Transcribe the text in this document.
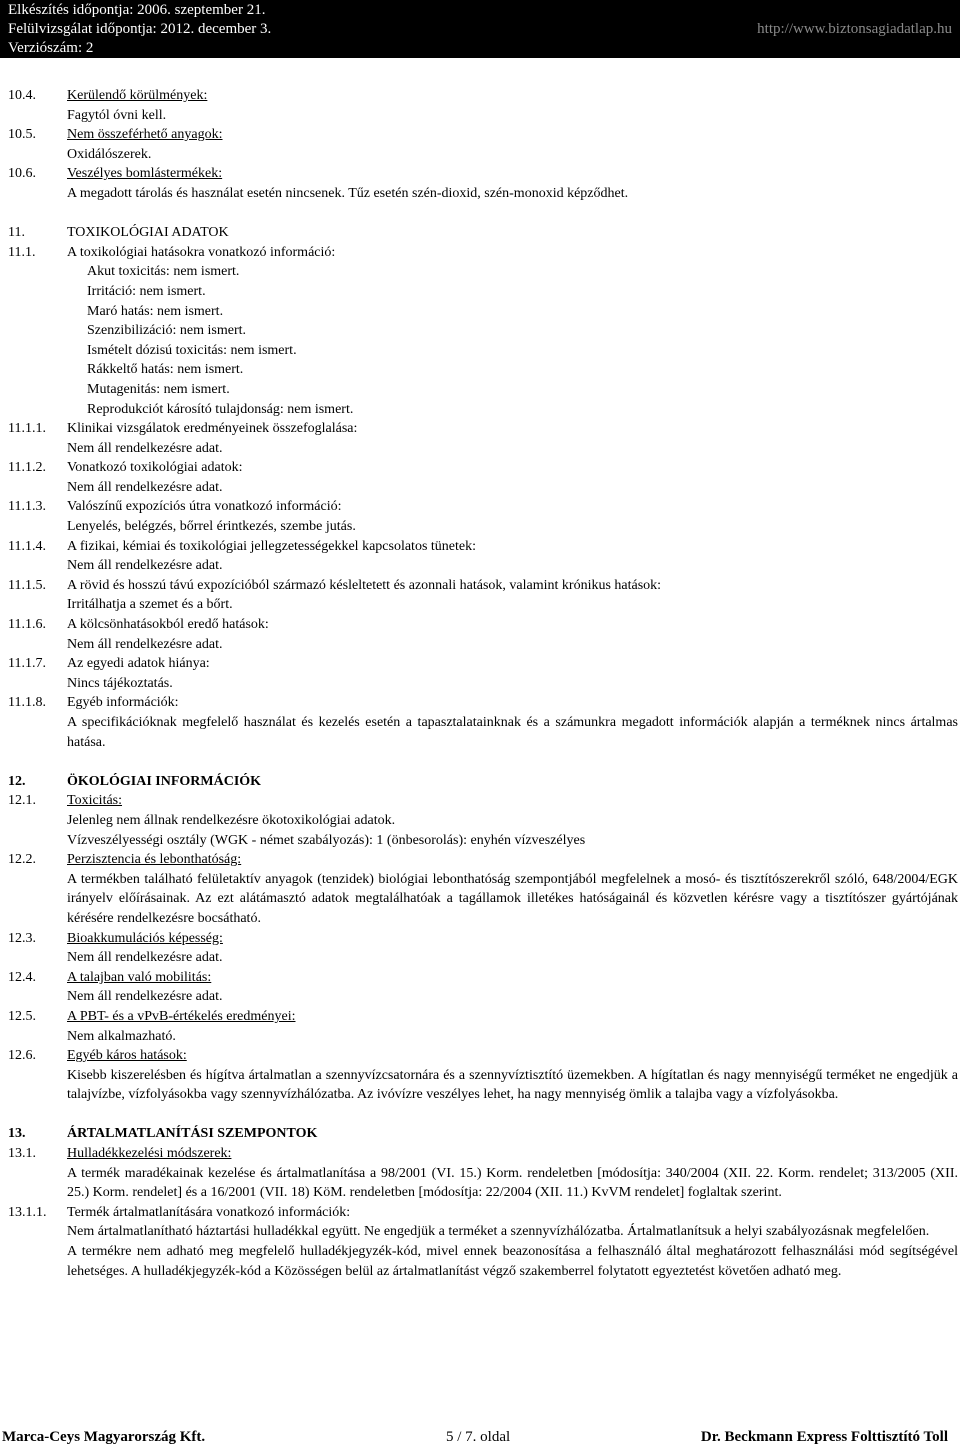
Elkészítés időpontja: 2006. szeptember 21.
Felülvizsgálat időpontja: 2012. december 3.
Verziószám: 2
http://www.biztonsagiadatlap.hu
10.4.	Kerülendő körülmények:
Fagytól óvni kell.
10.5.	Nem összeférhető anyagok:
Oxidálószerek.
10.6.	Veszélyes bomlástermékek:
A megadott tárolás és használat esetén nincsenek. Tűz esetén szén-dioxid, szén-monoxid képződhet.
11.	TOXIKOLÓGIAI ADATOK
11.1.	A toxikológiai hatásokra vonatkozó információ:
Akut toxicitás: nem ismert.
Irritáció: nem ismert.
Maró hatás: nem ismert.
Szenzibilizáció: nem ismert.
Ismételt dózisú toxicitás: nem ismert.
Rákkeltő hatás: nem ismert.
Mutagenitás: nem ismert.
Reprodukciót károsító tulajdonság: nem ismert.
11.1.1.	Klinikai vizsgálatok eredményeinek összefoglalása:
Nem áll rendelkezésre adat.
11.1.2.	Vonatkozó toxikológiai adatok:
Nem áll rendelkezésre adat.
11.1.3.	Valószínű expozíciós útra vonatkozó információ:
Lenyelés, belégzés, bőrrel érintkezés, szembe jutás.
11.1.4.	A fizikai, kémiai és toxikológiai jellegzetességekkel kapcsolatos tünetek:
Nem áll rendelkezésre adat.
11.1.5.	A rövid és hosszú távú expozícióból származó késleltetett és azonnali hatások, valamint krónikus hatások:
Irritálhatja a szemet és a bőrt.
11.1.6.	A kölcsönhatásokból eredő hatások:
Nem áll rendelkezésre adat.
11.1.7.	Az egyedi adatok hiánya:
Nincs tájékoztatás.
11.1.8.	Egyéb információk:
A specifikációknak megfelelő használat és kezelés esetén a tapasztalatainknak és a számunkra megadott információk alapján a terméknek nincs ártalmas hatása.
12.	ÖKOLÓGIAI INFORMÁCIÓK
12.1.	Toxicitás:
Jelenleg nem állnak rendelkezésre ökotoxikológiai adatok.
Vízveszélyességi osztály (WGK - német szabályozás): 1 (önbesorolás): enyhén vízveszélyes
12.2.	Perzisztencia és lebonthatóság:
A termékben található felületaktív anyagok (tenzidek) biológiai lebonthatóság szempontjából megfelelnek a mosó- és tisztítószerekről szóló, 648/2004/EGK irányelv előírásainak. Az ezt alátámasztó adatok megtalálhatóak a tagállamok illetékes hatóságainál és közvetlen kérésre vagy a tisztítószer gyártójának kérésére rendelkezésre bocsátható.
12.3.	Bioakkumulációs képesség:
Nem áll rendelkezésre adat.
12.4.	A talajban való mobilitás:
Nem áll rendelkezésre adat.
12.5.	A PBT- és a vPvB-értékelés eredményei:
Nem alkalmazható.
12.6.	Egyéb káros hatások:
Kisebb kiszerelésben és hígítva ártalmatlan a szennyvízcsatornára és a szennyvíztisztító üzemekben. A hígítatlan és nagy mennyiségű terméket ne engedjük a talajvízbe, vízfolyásokba vagy szennyvízhálózatba. Az ivóvízre veszélyes lehet, ha nagy mennyiség ömlik a talajba vagy a vízfolyásokba.
13.	ÁRTALMATLANÍTÁSI SZEMPONTOK
13.1.	Hulladékkezelési módszerek:
A termék maradékainak kezelése és ártalmatlanítása a 98/2001 (VI. 15.) Korm. rendeletben [módosítja: 340/2004 (XII. 22. Korm. rendelet; 313/2005 (XII. 25.) Korm. rendelet] és a 16/2001 (VII. 18) KöM. rendeletben [módosítja: 22/2004 (XII. 11.) KvVM rendelet] foglaltak szerint.
13.1.1.	Termék ártalmatlanítására vonatkozó információk:
Nem ártalmatlanítható háztartási hulladékkal együtt. Ne engedjük a terméket a szennyvízhálózatba. Ártalmatlanítsuk a helyi szabályozásnak megfelelően.
A termékre nem adható meg megfelelő hulladékjegyzék-kód, mivel ennek beazonosítása a felhasználó által meghatározott felhasználási mód segítségével lehetséges. A hulladékjegyzék-kód a Közösségen belül az ártalmatlanítást végző szakemberrel folytatott egyeztetést követően adható meg.
Marca-Ceys Magyarország Kft.	5 / 7. oldal	Dr. Beckmann Express Folttisztító Toll
